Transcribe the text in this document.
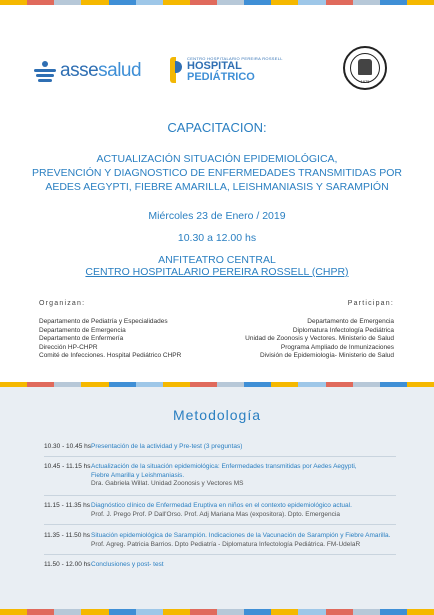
assesalud
CENTRO HOSPITALARIO PEREIRA ROSSELL
HOSPITAL
PEDIÁTRICO	1875
CAPACITACION:
ACTUALIZACIÓN SITUACIÓN EPIDEMIOLÓGICA,
PREVENCIÓN Y DIAGNOSTICO DE ENFERMEDADES TRANSMITIDAS POR
AEDES AEGYPTI, FIEBRE AMARILLA, LEISHMANIASIS Y SARAMPIÓN
Miércoles 23 de Enero / 2019
10.30 a 12.00 hs
ANFITEATRO CENTRAL
CENTRO HOSPITALARIO PEREIRA ROSSELL (CHPR)
Organizan:
Departamento de Pediatría y Especialidades
Departamento de Emergencia
Departamento de Enfermería
Dirección HP-CHPR
Comité de Infecciones. Hospital Pediátrico CHPR
Participan:
Departamento de Emergencia
Diplomatura Infectología Pediátrica
Unidad de Zoonosis y Vectores. Ministerio de Salud
Programa Ampliado de Inmunizaciones
División de Epidemiología- Ministerio de Salud
Metodología
10.30 - 10.45 hs Presentación de la actividad y Pre-test (3 preguntas)
10.45 - 11.15 hs Actualización de la situación epidemiológica: Enfermedades transmitidas por Aedes Aegypti,
Fiebre Amarilla y Leishmaniasis.
Dra. Gabriela Willat. Unidad Zoonosis y Vectores MS
11.15 - 11.35 hs Diagnóstico clínico de Enfermedad Eruptiva en niños en el contexto epidemiológico actual.
Prof. J. Prego Prof. P Dall'Orso. Prof. Adj Mariana Mas (expositora). Dpto. Emergencia
11.35 - 11.50 hs Situación epidemiológica de Sarampión. Indicaciones de la Vacunación de Sarampión y Fiebre Amarilla.
Prof. Agreg. Patricia Barrios. Dpto Pediatría - Diplomatura Infectología Pediátrica. FM-UdelaR
11.50 - 12.00 hs Conclusiones y post- test
